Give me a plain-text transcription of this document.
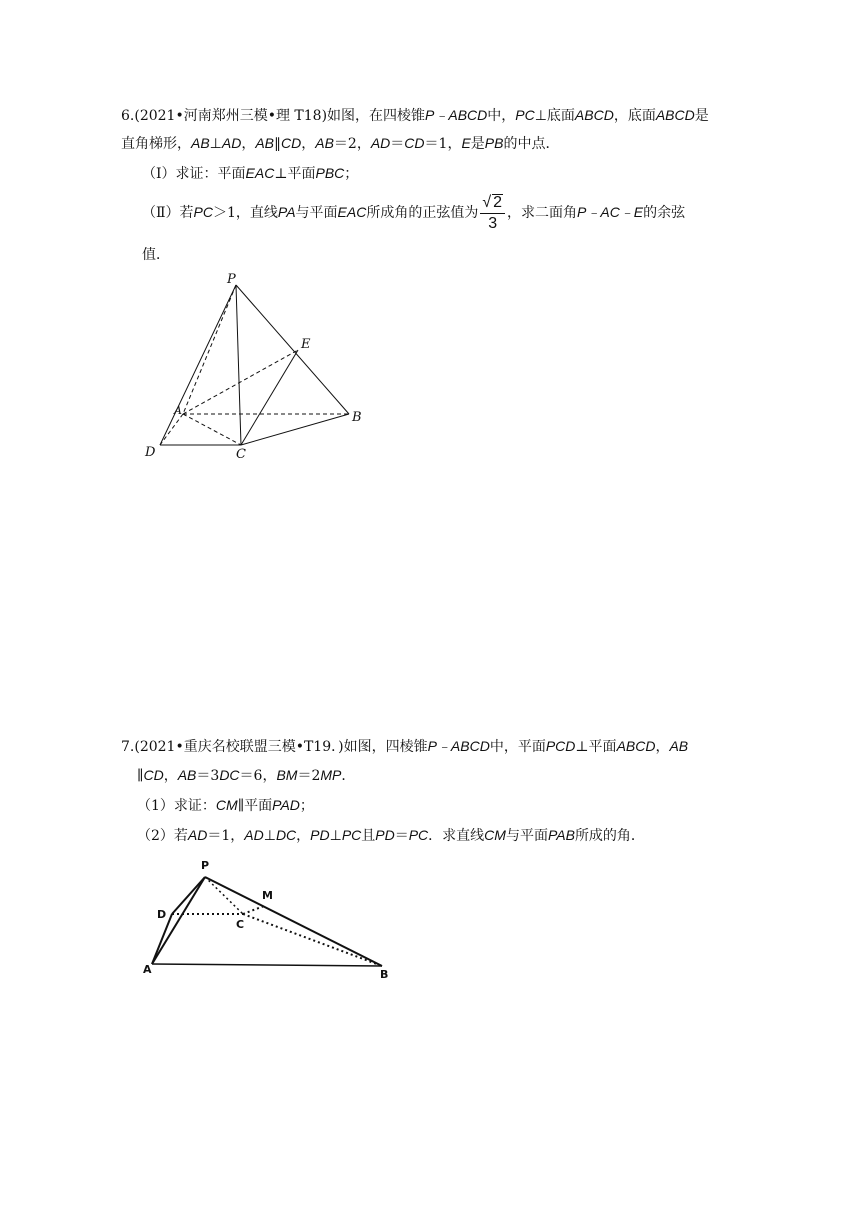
6.(2021•河南郑州三模•理 T18)如图，在四棱锥P﹣ABCD中，PC⊥底面ABCD，底面ABCD是
直角梯形，AB⊥AD，AB∥CD，AB＝2，AD＝CD＝1，E是PB的中点．
（Ⅰ）求证：平面EAC⊥平面PBC；
（Ⅱ）若PC＞1，直线PA与平面EAC所成角的正弦值为 $\frac{√ 2}{3}$ ，求二面角P﹣AC﹣E的余弦
值．
P
E
A	B
D	C
7.(2021•重庆名校联盟三模•T19．)如图，四棱锥P﹣ABCD中，平面PCD⊥平面ABCD，AB
∥CD，AB＝3DC＝6，BM＝2MP．
（1）求证：CM∥平面PAD；
（2）若AD＝1，AD⊥DC，PD⊥PC且PD＝PC．求直线CM与平面PAB所成的角．
P
M
D
C
A	B
